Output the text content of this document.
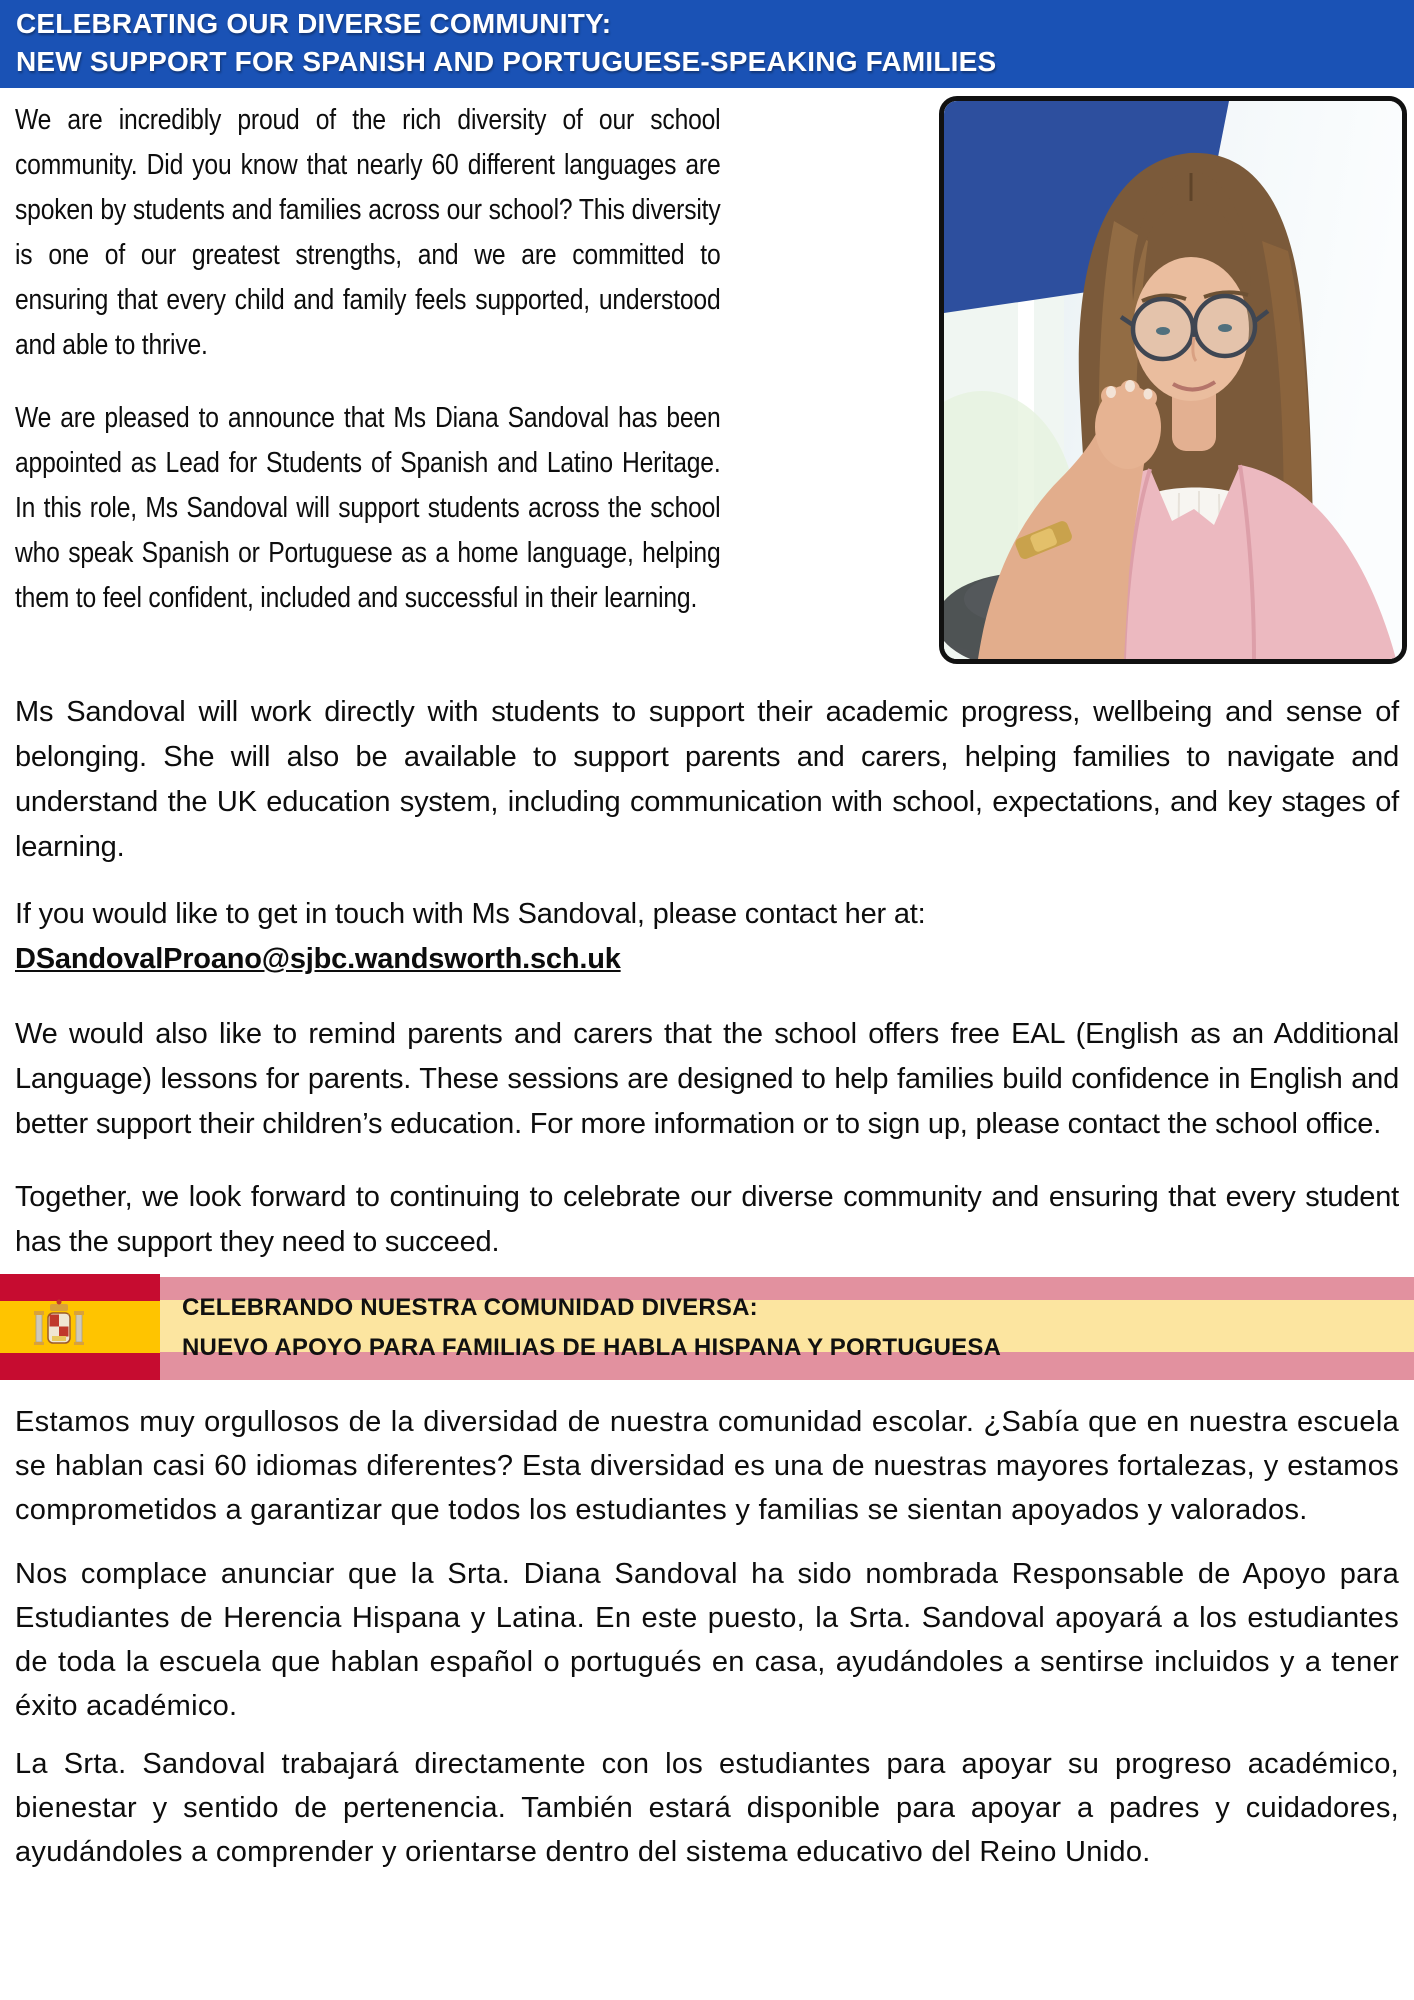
CELEBRATING OUR DIVERSE COMMUNITY:
NEW SUPPORT FOR SPANISH AND PORTUGUESE-SPEAKING FAMILIES

We are incredibly proud of the rich diversity of our school community. Did you know that nearly 60 different languages are spoken by students and families across our school? This diversity is one of our greatest strengths, and we are committed to ensuring that every child and family feels supported, understood and able to thrive.

We are pleased to announce that Ms Diana Sandoval has been appointed as Lead for Students of Spanish and Latino Heritage. In this role, Ms Sandoval will support students across the school who speak Spanish or Portuguese as a home language, helping them to feel confident, included and successful in their learning.

Ms Sandoval will work directly with students to support their academic progress, wellbeing and sense of belonging. She will also be available to support parents and carers, helping families to navigate and understand the UK education system, including communication with school, expectations, and key stages of learning.

If you would like to get in touch with Ms Sandoval, please contact her at:
DSandovalProano@sjbc.wandsworth.sch.uk

We would also like to remind parents and carers that the school offers free EAL (English as an Additional Language) lessons for parents. These sessions are designed to help families build confidence in English and better support their children’s education. For more information or to sign up, please contact the school office.

Together, we look forward to continuing to celebrate our diverse community and ensuring that every student has the support they need to succeed.

CELEBRANDO NUESTRA COMUNIDAD DIVERSA:
NUEVO APOYO PARA FAMILIAS DE HABLA HISPANA Y PORTUGUESA

Estamos muy orgullosos de la diversidad de nuestra comunidad escolar. ¿Sabía que en nuestra escuela se hablan casi 60 idiomas diferentes? Esta diversidad es una de nuestras mayores fortalezas, y estamos comprometidos a garantizar que todos los estudiantes y familias se sientan apoyados y valorados.

Nos complace anunciar que la Srta. Diana Sandoval ha sido nombrada Responsable de Apoyo para Estudiantes de Herencia Hispana y Latina. En este puesto, la Srta. Sandoval apoyará a los estudiantes de toda la escuela que hablan español o portugués en casa, ayudándoles a sentirse incluidos y a tener éxito académico.

La Srta. Sandoval trabajará directamente con los estudiantes para apoyar su progreso académico, bienestar y sentido de pertenencia. También estará disponible para apoyar a padres y cuidadores, ayudándoles a comprender y orientarse dentro del sistema educativo del Reino Unido.
